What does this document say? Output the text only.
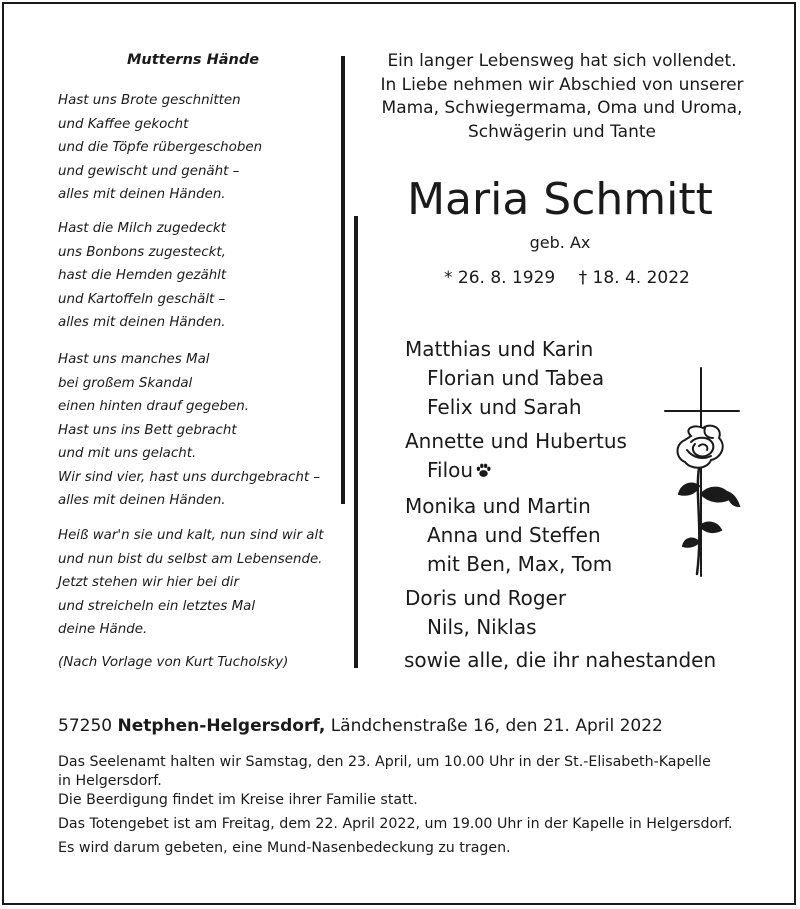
Mutterns Hände
Hast uns Brote geschnitten
und Kaffee gekocht
und die Töpfe rübergeschoben
und gewischt und genäht –
alles mit deinen Händen.
Hast die Milch zugedeckt
uns Bonbons zugesteckt,
hast die Hemden gezählt
und Kartoffeln geschält –
alles mit deinen Händen.
Hast uns manches Mal
bei großem Skandal
einen hinten drauf gegeben.
Hast uns ins Bett gebracht
und mit uns gelacht.
Wir sind vier, hast uns durchgebracht –
alles mit deinen Händen.
Heiß war'n sie und kalt, nun sind wir alt
und nun bist du selbst am Lebensende.
Jetzt stehen wir hier bei dir
und streicheln ein letztes Mal
deine Hände.
(Nach Vorlage von Kurt Tucholsky)
Ein langer Lebensweg hat sich vollendet.
In Liebe nehmen wir Abschied von unserer
Mama, Schwiegermama, Oma und Uroma,
Schwägerin und Tante
Maria Schmitt
geb. Ax
* 26. 8. 1929 † 18. 4. 2022
Matthias und Karin
Florian und Tabea
Felix und Sarah
Annette und Hubertus
Filou
Monika und Martin
Anna und Steffen
mit Ben, Max, Tom
Doris und Roger
Nils, Niklas
sowie alle, die ihr nahestanden
57250 Netphen-Helgersdorf, Ländchenstraße 16, den 21. April 2022
Das Seelenamt halten wir Samstag, den 23. April, um 10.00 Uhr in der St.-Elisabeth-Kapelle
in Helgersdorf.
Die Beerdigung findet im Kreise ihrer Familie statt.
Das Totengebet ist am Freitag, dem 22. April 2022, um 19.00 Uhr in der Kapelle in Helgersdorf.
Es wird darum gebeten, eine Mund-Nasenbedeckung zu tragen.
